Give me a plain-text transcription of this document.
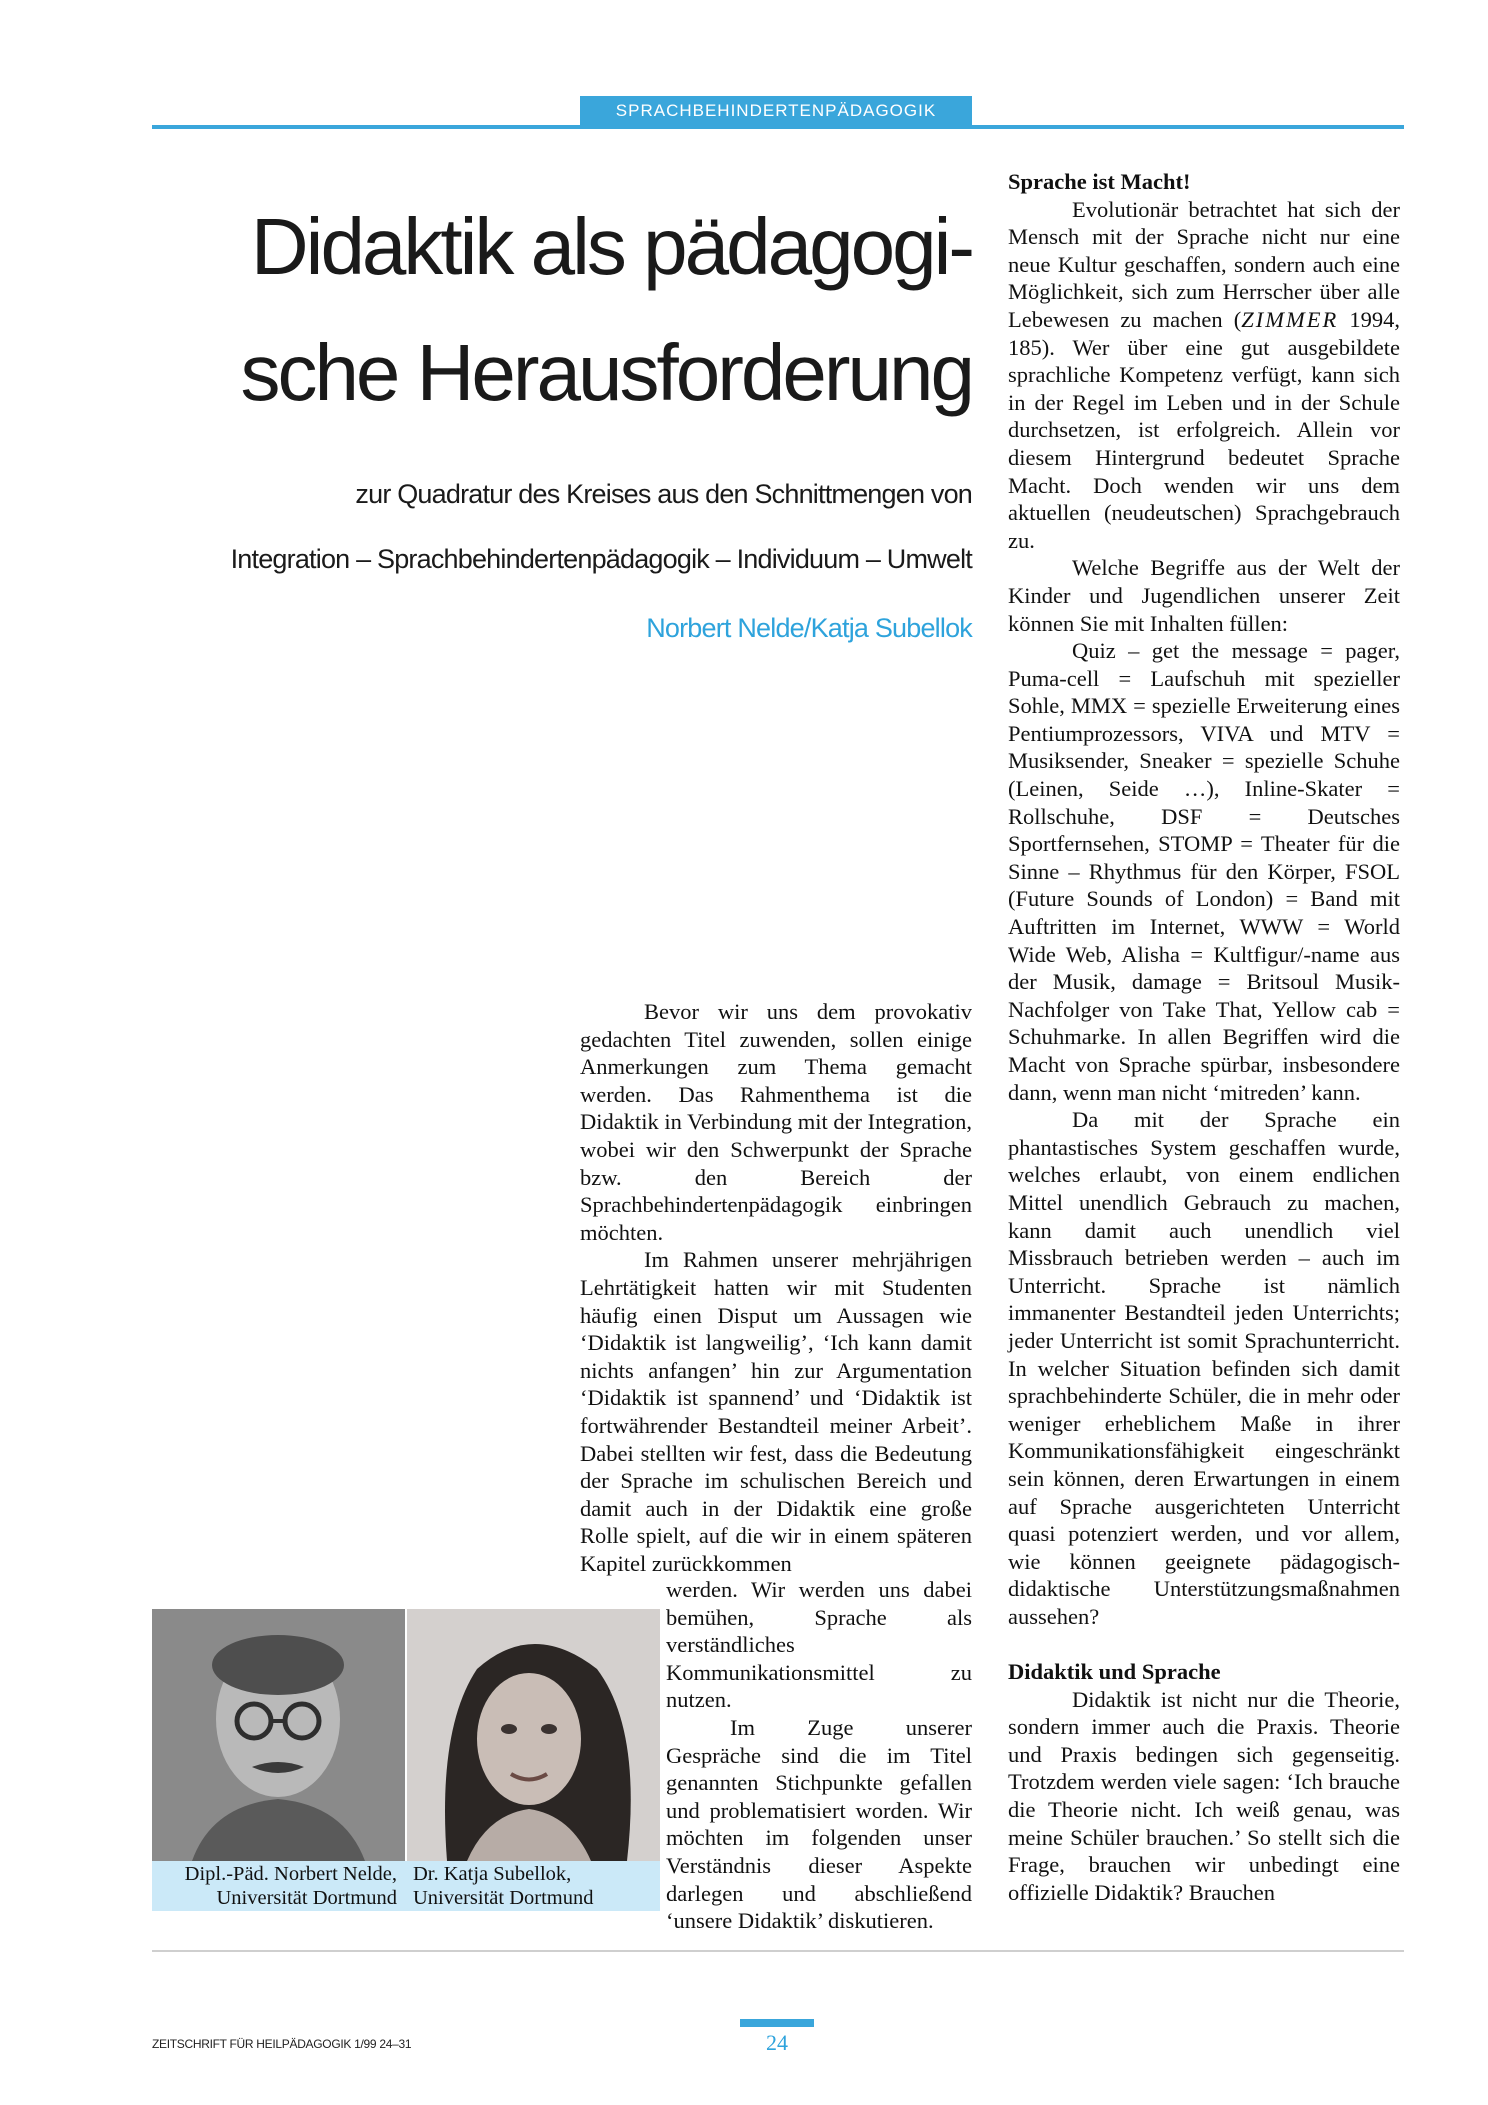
SPRACHBEHINDERTENPÄDAGOGIK
Didaktik als pädagogi-
sche Herausforderung
zur Quadratur des Kreises aus den Schnittmengen von
Integration – Sprachbehindertenpädagogik – Individuum – Umwelt
Norbert Nelde/Katja Subellok

Bevor wir uns dem provokativ gedachten Titel zuwenden, sollen einige Anmerkungen zum Thema gemacht werden. Das Rahmenthema ist die Didaktik in Verbindung mit der Integration, wobei wir den Schwerpunkt der Sprache bzw. den Bereich der Sprachbehindertenpädagogik einbringen möchten.

Im Rahmen unserer mehrjährigen Lehrtätigkeit hatten wir mit Studenten häufig einen Disput um Aussagen wie ‘Didaktik ist langweilig’, ‘Ich kann damit nichts anfangen’ hin zur Argumentation ‘Didaktik ist spannend’ und ‘Didaktik ist fortwährender Bestandteil meiner Arbeit’. Dabei stellten wir fest, dass die Bedeutung der Sprache im schulischen Bereich und damit auch in der Didaktik eine große Rolle spielt, auf die wir in einem späteren Kapitel zurückkommen

werden. Wir werden uns dabei bemühen, Sprache als verständliches Kommunikationsmittel zu nutzen.

Im Zuge unserer Gespräche sind die im Titel genannten Stichpunkte gefallen und problematisiert worden. Wir möchten im folgenden unser Verständnis dieser Aspekte darlegen und abschließend ‘unsere Didaktik’ diskutieren.

Dipl.-Päd. Norbert Nelde,
Universität Dortmund
Dr. Katja Subellok,
Universität Dortmund
Sprache ist Macht!

Evolutionär betrachtet hat sich der Mensch mit der Sprache nicht nur eine neue Kultur geschaffen, sondern auch eine Möglichkeit, sich zum Herrscher über alle Lebewesen zu machen (ZIMMER 1994, 185). Wer über eine gut ausgebildete sprachliche Kompetenz verfügt, kann sich in der Regel im Leben und in der Schule durchsetzen, ist erfolgreich. Allein vor diesem Hintergrund bedeutet Sprache Macht. Doch wenden wir uns dem aktuellen (neudeutschen) Sprachgebrauch zu.

Welche Begriffe aus der Welt der Kinder und Jugendlichen unserer Zeit können Sie mit Inhalten füllen:

Quiz – get the message = pager, Puma-cell = Laufschuh mit spezieller Sohle, MMX = spezielle Erweiterung eines Pentiumprozessors, VIVA und MTV = Musiksender, Sneaker = spezielle Schuhe (Leinen, Seide …), Inline-Skater = Rollschuhe, DSF = Deutsches Sportfernsehen, STOMP = Theater für die Sinne – Rhythmus für den Körper, FSOL (Future Sounds of London) = Band mit Auftritten im Internet, WWW = World Wide Web, Alisha = Kultfigur/-name aus der Musik, damage = Britsoul Musik-Nachfolger von Take That, Yellow cab = Schuhmarke. In allen Begriffen wird die Macht von Sprache spürbar, insbesondere dann, wenn man nicht ‘mitreden’ kann.

Da mit der Sprache ein phantastisches System geschaffen wurde, welches erlaubt, von einem endlichen Mittel unendlich Gebrauch zu machen, kann damit auch unendlich viel Missbrauch betrieben werden – auch im Unterricht. Sprache ist nämlich immanenter Bestandteil jeden Unterrichts; jeder Unterricht ist somit Sprachunterricht. In welcher Situation befinden sich damit sprachbehinderte Schüler, die in mehr oder weniger erheblichem Maße in ihrer Kommunikationsfähigkeit eingeschränkt sein können, deren Erwartungen in einem auf Sprache ausgerichteten Unterricht quasi potenziert werden, und vor allem, wie können geeignete pädagogisch-didaktische Unterstützungsmaßnahmen aussehen?

Didaktik und Sprache

Didaktik ist nicht nur die Theorie, sondern immer auch die Praxis. Theorie und Praxis bedingen sich gegenseitig. Trotzdem werden viele sagen: ‘Ich brauche die Theorie nicht. Ich weiß genau, was meine Schüler brauchen.’ So stellt sich die Frage, brauchen wir unbedingt eine offizielle Didaktik? Brauchen

ZEITSCHRIFT FÜR HEILPÄDAGOGIK 1/99 24–31	24
